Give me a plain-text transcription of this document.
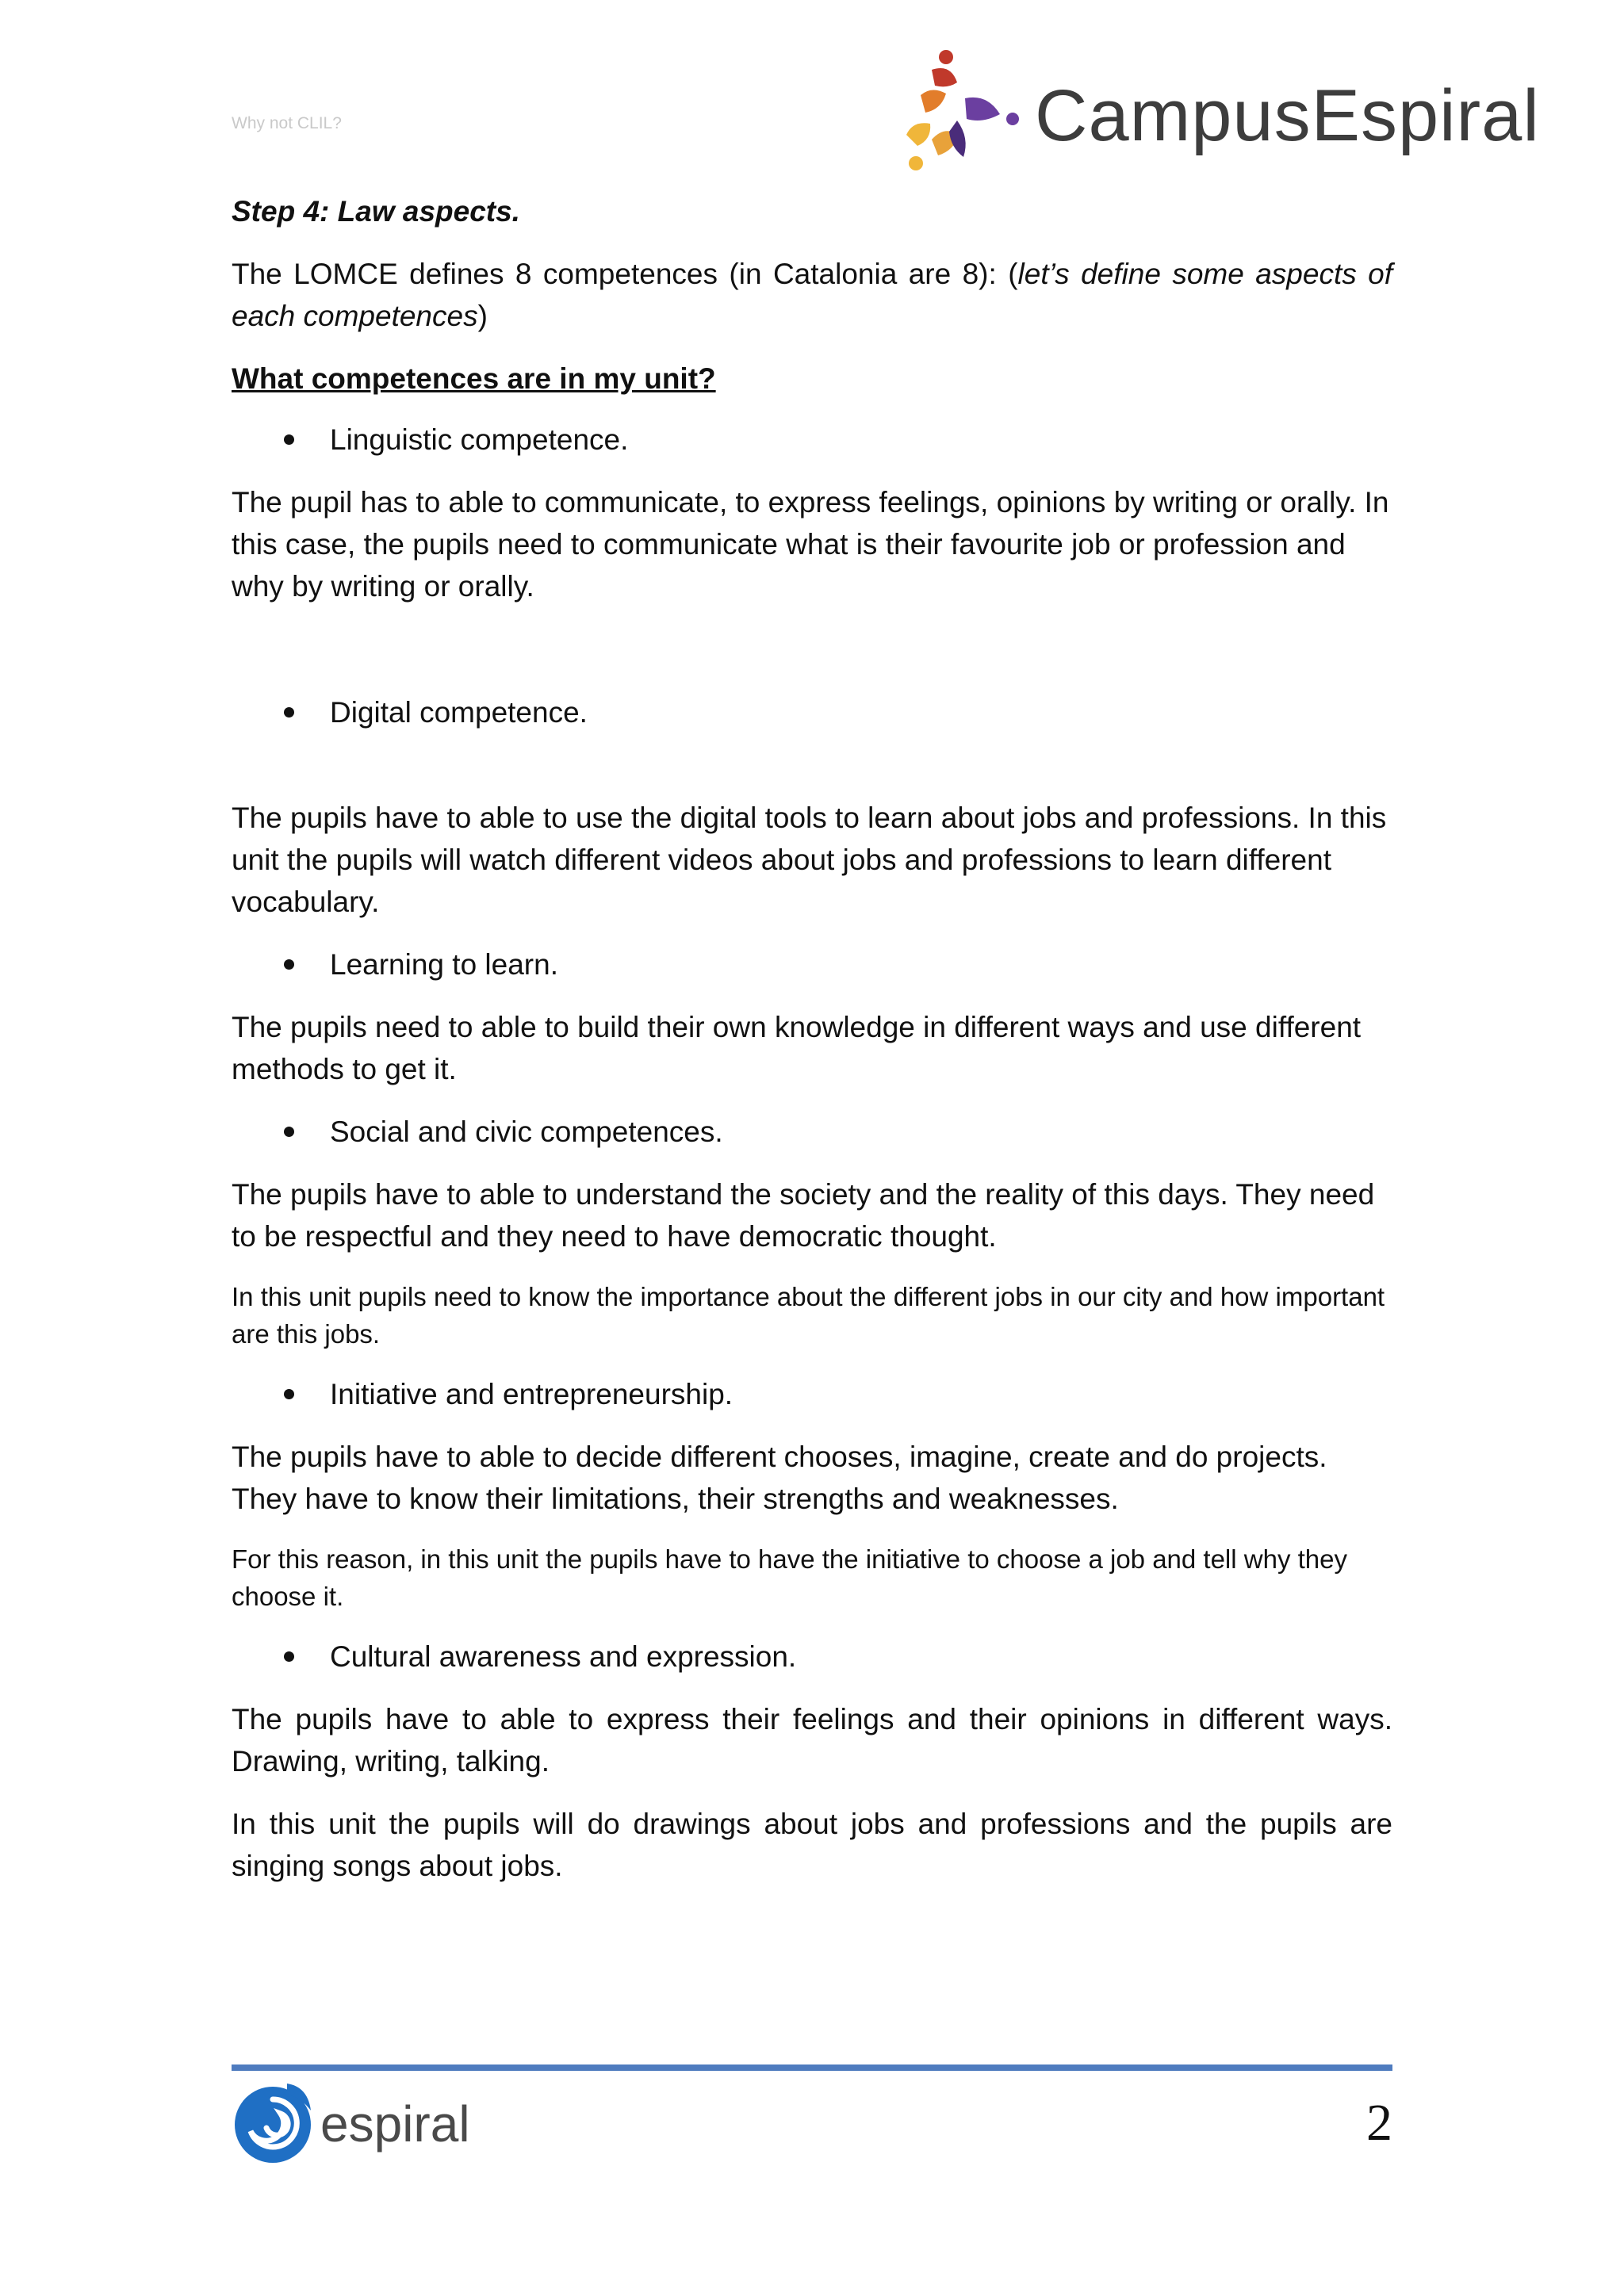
Why not CLIL?	CampusEspiral
Step 4: Law aspects.

The LOMCE defines 8 competences (in Catalonia are 8): (let’s define some aspects of each competences)

What competences are in my unit?
Linguistic competence.

The pupil has to able to communicate, to express feelings, opinions by writing or orally. In this case, the pupils need to communicate what is their favourite job or profession and why by writing or orally.

Digital competence.

The pupils have to able to use the digital tools to learn about jobs and professions. In this unit the pupils will watch different videos about jobs and professions to learn different vocabulary.

Learning to learn.

The pupils need to able to build their own knowledge in different ways and use different methods to get it.

Social and civic competences.

The pupils have to able to understand the society and the reality of this days. They need to be respectful and they need to have democratic thought.

In this unit pupils need to know the importance about the different jobs in our city and how important are this jobs.

Initiative and entrepreneurship.

The pupils have to able to decide different chooses, imagine, create and do projects. They have to know their limitations, their strengths and weaknesses.

For this reason, in this unit the pupils have to have the initiative to choose a job and tell why they choose it.

Cultural awareness and expression.

The pupils have to able to express their feelings and their opinions in different ways. Drawing, writing, talking.

In this unit the pupils will do drawings about jobs and professions and the pupils are singing songs about jobs.

espiral	2
